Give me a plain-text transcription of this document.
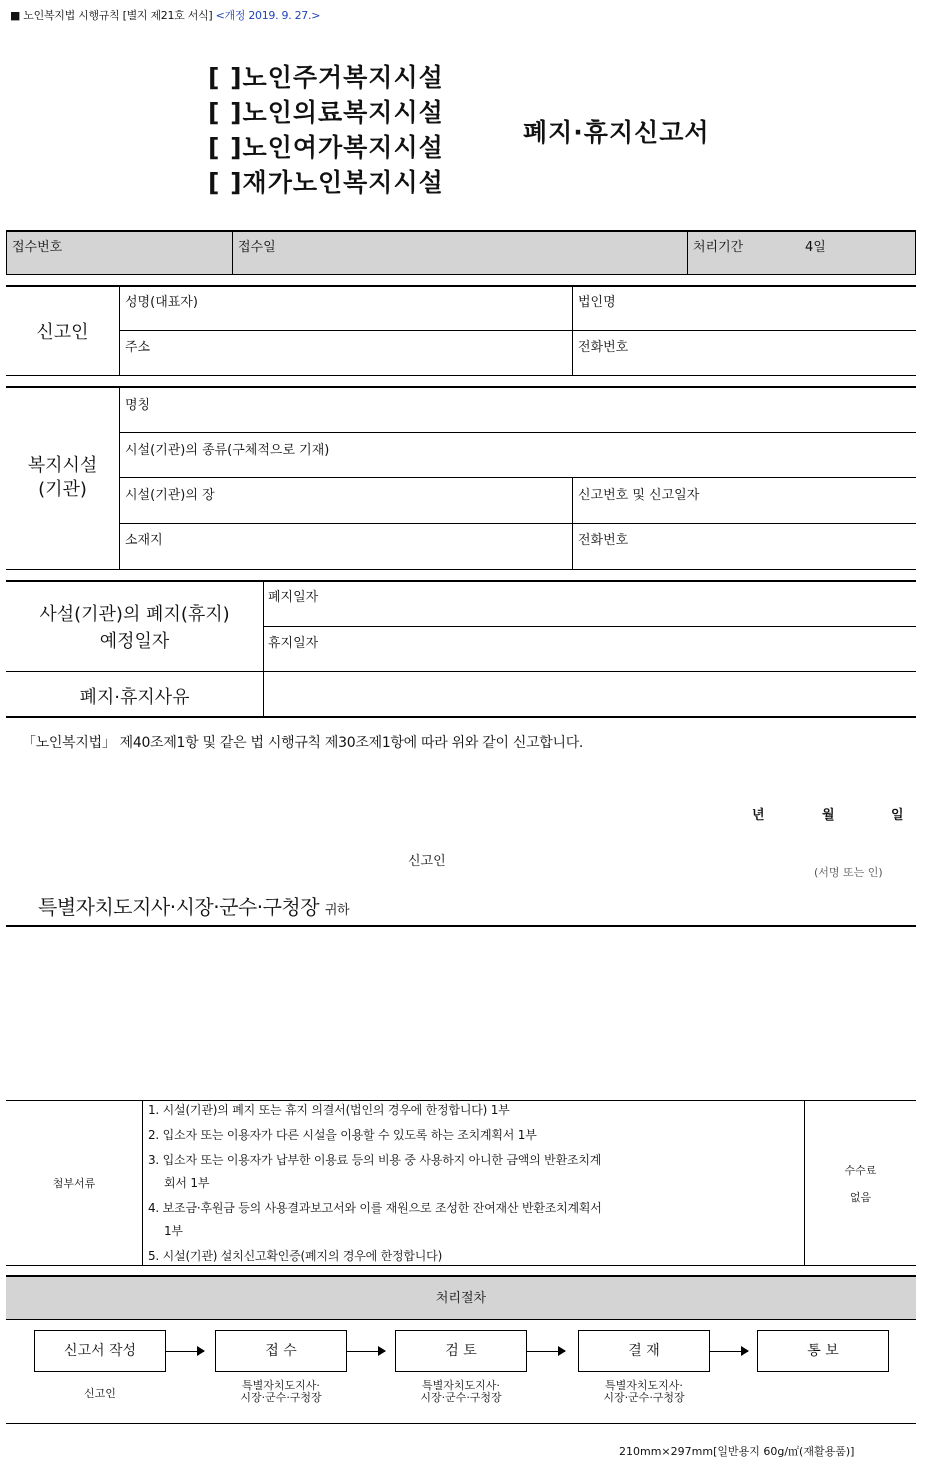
■ 노인복지법 시행규칙 [별지 제21호 서식] <개정 2019. 9. 27.>
[ ]노인주거복지시설
[ ]노인의료복지시설
[ ]노인여가복지시설
[ ]재가노인복지시설
폐지·휴지신고서
접수번호	접수일	처리기간	4일
신고인
성명(대표자)	법인명
주소	전화번호
복지시설
(기관)
명칭
시설(기관)의 종류(구체적으로 기재)
시설(기관)의 장	신고번호 및 신고일자
소재지	전화번호
사설(기관)의 폐지(휴지)
예정일자
폐지일자
휴지일자
폐지·휴지사유
「노인복지법」 제40조제1항 및 같은 법 시행규칙 제30조제1항에 따라 위와 같이 신고합니다.
년	월	일
신고인
(서명 또는 인)
특별자치도지사·시장·군수·구청장 귀하
첨부서류
1. 시설(기관)의 폐지 또는 휴지 의결서(법인의 경우에 한정합니다) 1부
2. 입소자 또는 이용자가 다른 시설을 이용할 수 있도록 하는 조치계획서 1부
3. 입소자 또는 이용자가 납부한 이용료 등의 비용 중 사용하지 아니한 금액의 반환조치계
회서 1부
4. 보조금·후원금 등의 사용결과보고서와 이를 재원으로 조성한 잔여재산 반환조치계획서
1부
5. 시설(기관) 설치신고확인증(폐지의 경우에 한정합니다)
수수료
없음
처리절차
신고서 작성	접 수	검 토	결 재	통 보
신고인
특별자치도지사·
시장·군수·구청장
특별자치도지사·
시장·군수·구청장
특별자치도지사·
시장·군수·구청장
210mm×297mm[일반용지 60g/㎡(재활용품)]
